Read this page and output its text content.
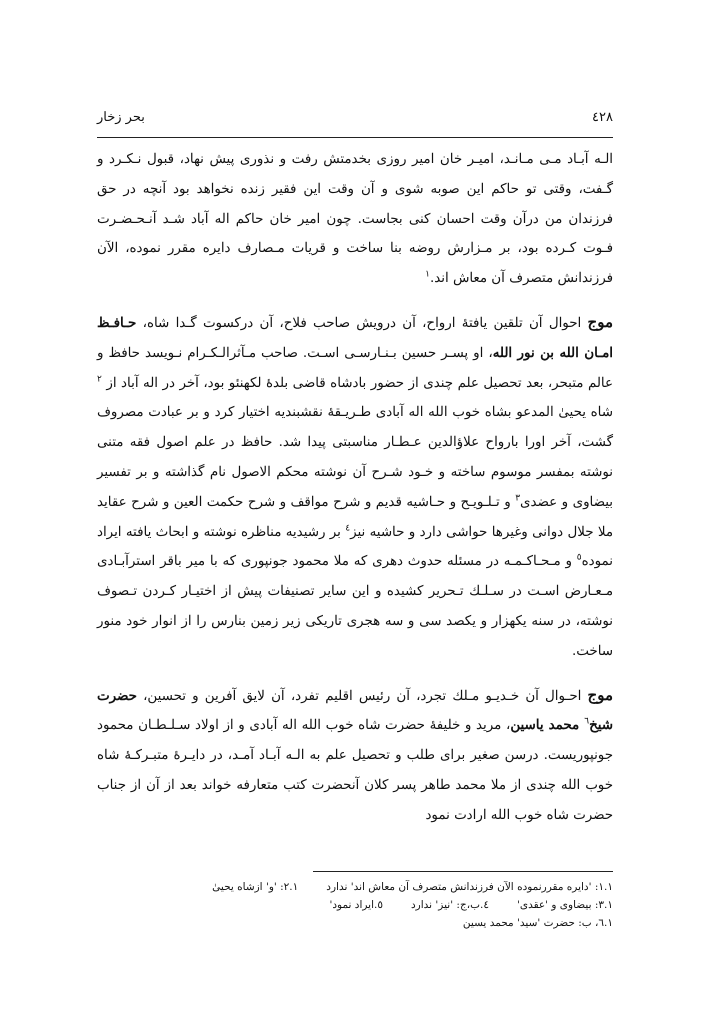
٤٢٨
بحر زخار

الـه آبـاد مـی مـانـد، امیـر خان امیر روزی بخدمتش رفت و نذوری پیش نهاد، قبول نـکـرد و گـفت، وقتی تو حاکم این صوبه شوی و آن وقت این فقیر زنده نخواهد بود آنچه در حق فرزندان من درآن وقت احسان کنی بجاست. چون امیر خان حاکم اله آباد شـد آنـحـضـرت فـوت کـرده بود، بر مـزارش روضه بنا ساخت و قریات مـصارف دایره مقرر نموده، الآن فرزندانش متصرف آن معاش اند.$^١$

موج احوال آن تلقین یافتهٔ ارواح، آن درویش صاحب فلاح، آن درکسوت گـدا شاه، حـافـظ امـان الله بن نور الله، او پسـر حسین بـنـارسـی اسـت. صاحب مـآثرالـکـرام نـویسد حافظ و عالم متبحر، بعد تحصیل علم چندی از حضور بادشاه قاضی بلدهٔ لکهنئو بود، آخر در اله آباد از $^٢$ شاه یحییٰ المدعو بشاه خوب الله اله آبادی طـریـقهٔ نقشبندیه اختیار کرد و بر عبادت مصروف گشت، آخر اورا بارواح علاؤالدین عـطـار مناسبتی پیدا شد. حافظ در علم اصول فقه متنی نوشته بمفسر موسوم ساخته و خـود شـرح آن نوشته محکم الاصول نام گذاشته و بر تفسیر بیضاوی و عضدی$^٣$ و تـلـویـح و حـاشیه قدیم و شرح مواقف و شرح حکمت العین و شرح عقاید ملا جلال دوانی وغیرها حواشی دارد و حاشیه نیز$^٤$ بر رشیدیه مناظره نوشته و ابحاث یافته ایراد نموده$^٥$ و مـحـاکـمـه در مسئله حدوث دهری که ملا محمود جونپوری که با میر باقر استرآبـادی مـعـارض اسـت در سـلـك تـحریر کشیده و این سایر تصنیفات پیش از اختیـار کـردن تـصوف نوشته، در سنه یکهزار و یکصد سی و سه هجری تاریکی زیر زمین بنارس را از انوار خود منور ساخت.

موج احـوال آن خـدیـو مـلك تجرد، آن رئیس اقلیم تفرد، آن لایق آفرین و تحسین، حضرت شیخ$^٦$ محمد یاسین، مرید و خلیفهٔ حضرت شاه خوب الله اله آبادی و از اولاد سـلـطـان محمود جونپوریست. درسن صغیر برای طلب و تحصیل علم به الـه آبـاد آمـد، در دایـرهٔ متبـرکـهٔ شاه خوب الله چندی از ملا محمد طاهر پسر کلان آنحضرت کتب متعارفه خواند بعد از آن از جناب حضرت شاه خوب الله ارادت نمود

١.١: 'دایره مقررنموده الآن فرزندانش متصرف آن معاش اند' ندارد
٢.١: 'و' ازشاه یحییٰ
٣.١: بیضاوی و 'عقدی'
٤.ب،ج: 'نیز' ندارد
٥.ایراد نمود'
٦.١، ب: حضرت 'سید' محمد یسین
